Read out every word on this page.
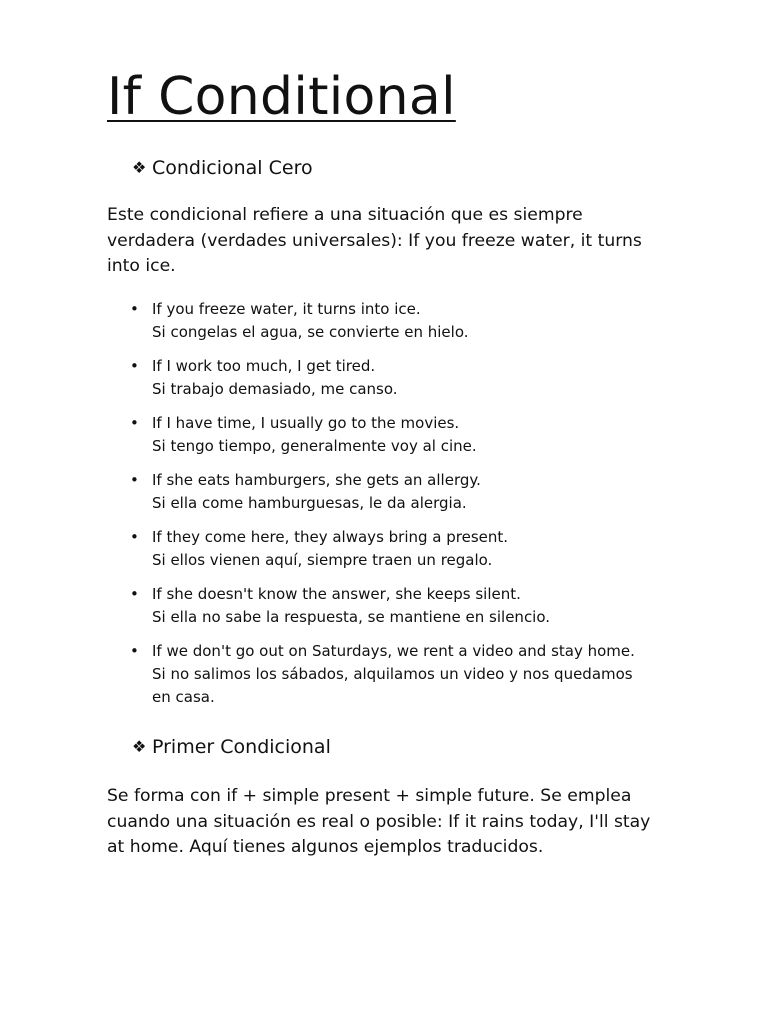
If Conditional
❖ Condicional Cero

Este condicional refiere a una situación que es siempre verdadera (verdades universales): If you freeze water, it turns into ice.

• If you freeze water, it turns into ice.
Si congelas el agua, se convierte en hielo.
• If I work too much, I get tired.
Si trabajo demasiado, me canso.
• If I have time, I usually go to the movies.
Si tengo tiempo, generalmente voy al cine.
• If she eats hamburgers, she gets an allergy.
Si ella come hamburguesas, le da alergia.
• If they come here, they always bring a present.
Si ellos vienen aquí, siempre traen un regalo.
• If she doesn't know the answer, she keeps silent.
Si ella no sabe la respuesta, se mantiene en silencio.
• If we don't go out on Saturdays, we rent a video and stay home.
Si no salimos los sábados, alquilamos un video y nos quedamos en casa.
❖ Primer Condicional

Se forma con if + simple present + simple future. Se emplea cuando una situación es real o posible: If it rains today, I'll stay at home. Aquí tienes algunos ejemplos traducidos.
